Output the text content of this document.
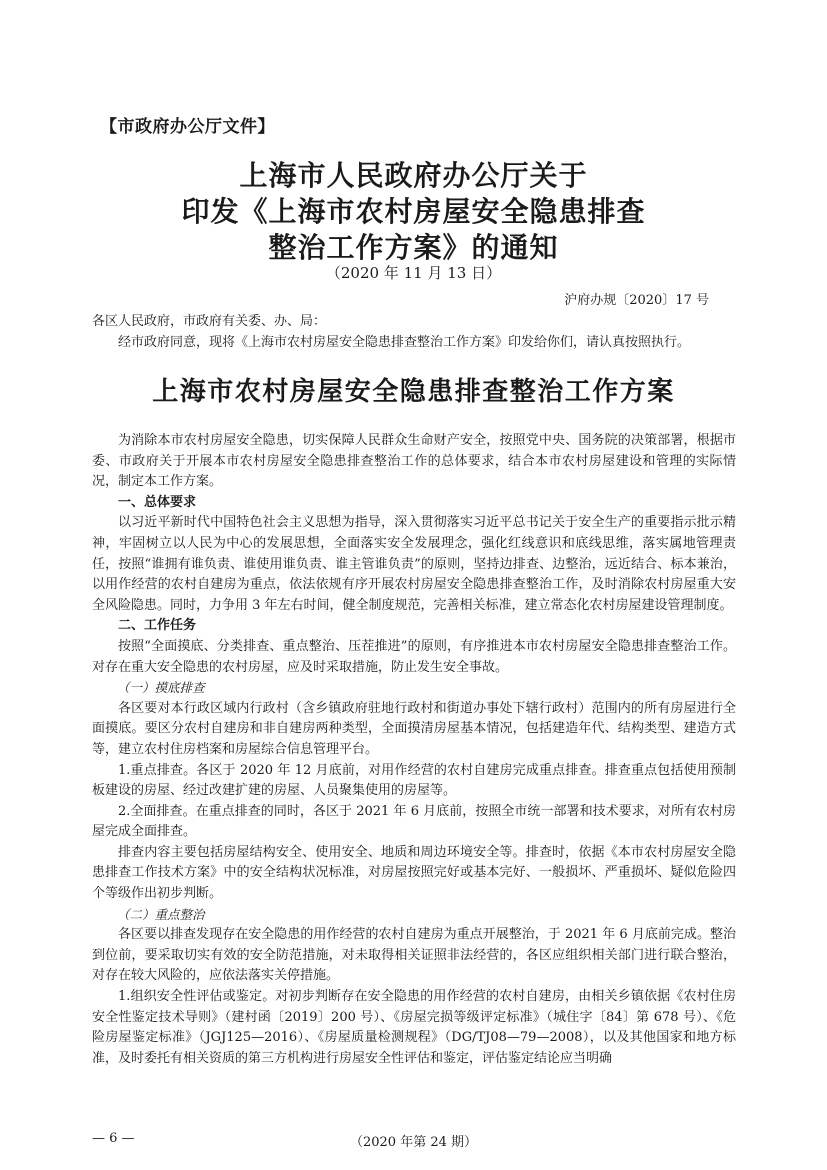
【市政府办公厅文件】
上海市人民政府办公厅关于
印发《上海市农村房屋安全隐患排查
整治工作方案》的通知
（2020 年 11 月 13 日）
沪府办规〔2020〕17 号

各区人民政府，市政府有关委、办、局：

经市政府同意，现将《上海市农村房屋安全隐患排查整治工作方案》印发给你们，请认真按照执行。

上海市农村房屋安全隐患排查整治工作方案

为消除本市农村房屋安全隐患，切实保障人民群众生命财产安全，按照党中央、国务院的决策部署，根据市委、市政府关于开展本市农村房屋安全隐患排查整治工作的总体要求，结合本市农村房屋建设和管理的实际情况，制定本工作方案。

一、总体要求

以习近平新时代中国特色社会主义思想为指导，深入贯彻落实习近平总书记关于安全生产的重要指示批示精神，牢固树立以人民为中心的发展思想，全面落实安全发展理念，强化红线意识和底线思维，落实属地管理责任，按照“谁拥有谁负责、谁使用谁负责、谁主管谁负责”的原则，坚持边排查、边整治，远近结合、标本兼治，以用作经营的农村自建房为重点，依法依规有序开展农村房屋安全隐患排查整治工作，及时消除农村房屋重大安全风险隐患。同时，力争用 3 年左右时间，健全制度规范，完善相关标准，建立常态化农村房屋建设管理制度。

二、工作任务

按照“全面摸底、分类排查、重点整治、压茬推进”的原则，有序推进本市农村房屋安全隐患排查整治工作。对存在重大安全隐患的农村房屋，应及时采取措施，防止发生安全事故。

（一）摸底排查

各区要对本行政区域内行政村（含乡镇政府驻地行政村和街道办事处下辖行政村）范围内的所有房屋进行全面摸底。要区分农村自建房和非自建房两种类型，全面摸清房屋基本情况，包括建造年代、结构类型、建造方式等，建立农村住房档案和房屋综合信息管理平台。

1.重点排查。各区于 2020 年 12 月底前，对用作经营的农村自建房完成重点排查。排查重点包括使用预制板建设的房屋、经过改建扩建的房屋、人员聚集使用的房屋等。

2.全面排查。在重点排查的同时，各区于 2021 年 6 月底前，按照全市统一部署和技术要求，对所有农村房屋完成全面排查。

排查内容主要包括房屋结构安全、使用安全、地质和周边环境安全等。排查时，依据《本市农村房屋安全隐患排查工作技术方案》中的安全结构状况标准，对房屋按照完好或基本完好、一般损坏、严重损坏、疑似危险四个等级作出初步判断。

（二）重点整治

各区要以排查发现存在安全隐患的用作经营的农村自建房为重点开展整治，于 2021 年 6 月底前完成。整治到位前，要采取切实有效的安全防范措施，对未取得相关证照非法经营的，各区应组织相关部门进行联合整治，对存在较大风险的，应依法落实关停措施。

1.组织安全性评估或鉴定。对初步判断存在安全隐患的用作经营的农村自建房，由相关乡镇依据《农村住房安全性鉴定技术导则》（建村函〔2019〕200 号）、《房屋完损等级评定标准》（城住字〔84〕第 678 号）、《危险房屋鉴定标准》（JGJ125—2016）、《房屋质量检测规程》（DG/TJ08—79—2008），以及其他国家和地方标准，及时委托有相关资质的第三方机构进行房屋安全性评估和鉴定，评估鉴定结论应当明确

— 6 —	（2020 年第 24 期）
